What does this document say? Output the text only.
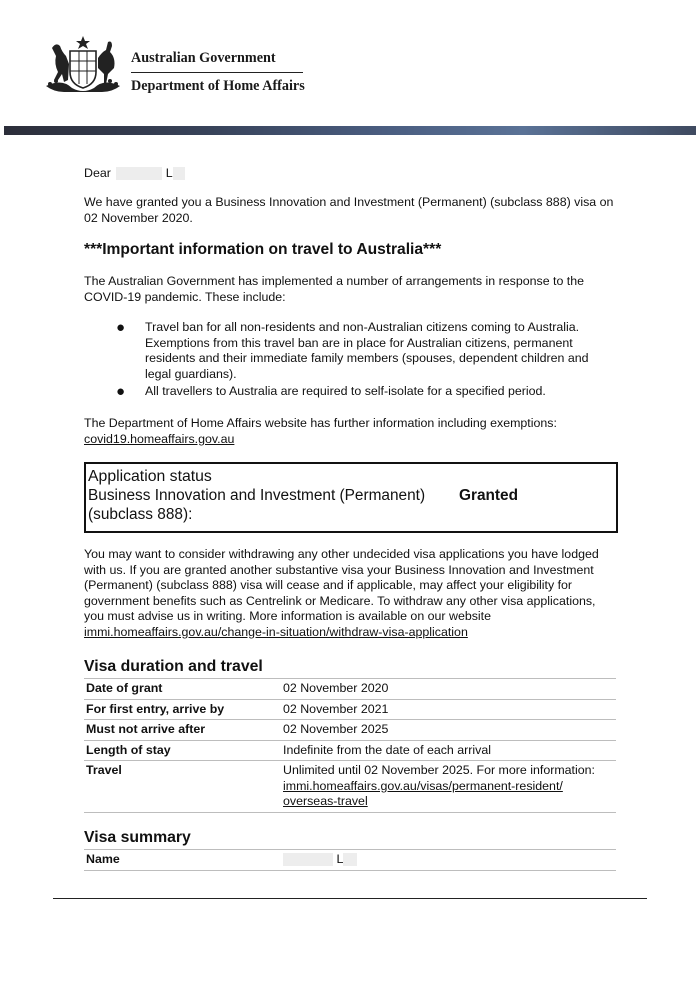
Australian Government
Department of Home Affairs
Dear	L
We have granted you a Business Innovation and Investment (Permanent) (subclass 888) visa on 02 November 2020.
***Important information on travel to Australia***
The Australian Government has implemented a number of arrangements in response to the COVID-19 pandemic. These include:
● Travel ban for all non-residents and non-Australian citizens coming to Australia. Exemptions from this travel ban are in place for Australian citizens, permanent residents and their immediate family members (spouses, dependent children and legal guardians).
● All travellers to Australia are required to self-isolate for a specified period.
The Department of Home Affairs website has further information including exemptions:
covid19.homeaffairs.gov.au
Application status
Business Innovation and Investment (Permanent) Granted
(subclass 888):
You may want to consider withdrawing any other undecided visa applications you have lodged with us. If you are granted another substantive visa your Business Innovation and Investment (Permanent) (subclass 888) visa will cease and if applicable, may affect your eligibility for government benefits such as Centrelink or Medicare. To withdraw any other visa applications, you must advise us in writing. More information is available on our website
immi.homeaffairs.gov.au/change-in-situation/withdraw-visa-application
Visa duration and travel
Date of grant	02 November 2020
For first entry, arrive by	02 November 2021
Must not arrive after	02 November 2025
Length of stay	Indefinite from the date of each arrival
Travel	Unlimited until 02 November 2025. For more information:
immi.homeaffairs.gov.au/visas/permanent-resident/
overseas-travel
Visa summary
Name	L
